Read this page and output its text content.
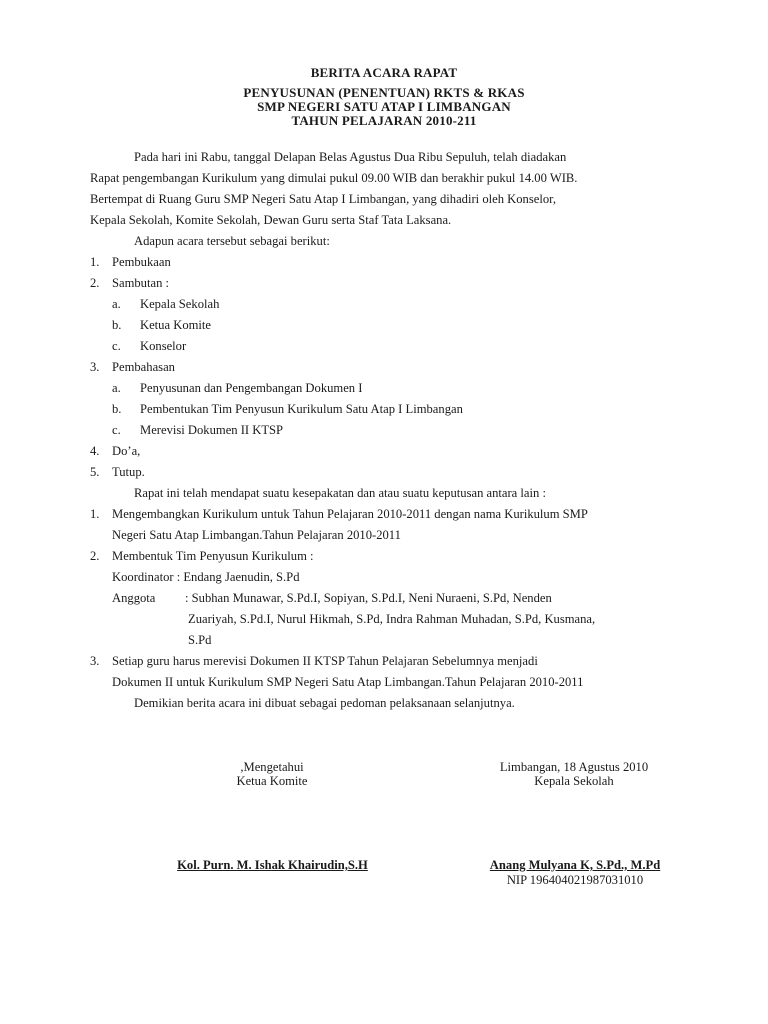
BERITA ACARA RAPAT
PENYUSUNAN (PENENTUAN) RKTS & RKAS
SMP NEGERI SATU ATAP I LIMBANGAN
TAHUN PELAJARAN 2010-211
Pada hari ini Rabu, tanggal Delapan Belas Agustus Dua Ribu Sepuluh, telah diadakan
Rapat pengembangan Kurikulum yang dimulai pukul 09.00 WIB dan berakhir pukul 14.00 WIB.
Bertempat di Ruang Guru SMP Negeri Satu Atap I Limbangan, yang dihadiri oleh Konselor,
Kepala Sekolah, Komite Sekolah, Dewan Guru serta Staf Tata Laksana.
Adapun acara tersebut sebagai berikut:
1. Pembukaan
2. Sambutan :
a. Kepala Sekolah
b. Ketua Komite
c. Konselor
3. Pembahasan
a. Penyusunan dan Pengembangan Dokumen I
b. Pembentukan Tim Penyusun Kurikulum Satu Atap I Limbangan
c. Merevisi Dokumen II KTSP
4. Do’a,
5. Tutup.
Rapat ini telah mendapat suatu kesepakatan dan atau suatu keputusan antara lain :
1. Mengembangkan Kurikulum untuk Tahun Pelajaran 2010-2011 dengan nama Kurikulum SMP
Negeri Satu Atap Limbangan.Tahun Pelajaran 2010-2011
2. Membentuk Tim Penyusun Kurikulum :
Koordinator : Endang Jaenudin, S.Pd
Anggota : Subhan Munawar, S.Pd.I, Sopiyan, S.Pd.I, Neni Nuraeni, S.Pd, Nenden
Zuariyah, S.Pd.I, Nurul Hikmah, S.Pd, Indra Rahman Muhadan, S.Pd, Kusmana,
S.Pd
3. Setiap guru harus merevisi Dokumen II KTSP Tahun Pelajaran Sebelumnya menjadi
Dokumen II untuk Kurikulum SMP Negeri Satu Atap Limbangan.Tahun Pelajaran 2010-2011
Demikian berita acara ini dibuat sebagai pedoman pelaksanaan selanjutnya.
,Mengetahui
Ketua Komite
Kol. Purn. M. Ishak Khairudin,S.H
Limbangan, 18 Agustus 2010
Kepala Sekolah
Anang Mulyana K, S.Pd., M.Pd
NIP 196404021987031010
